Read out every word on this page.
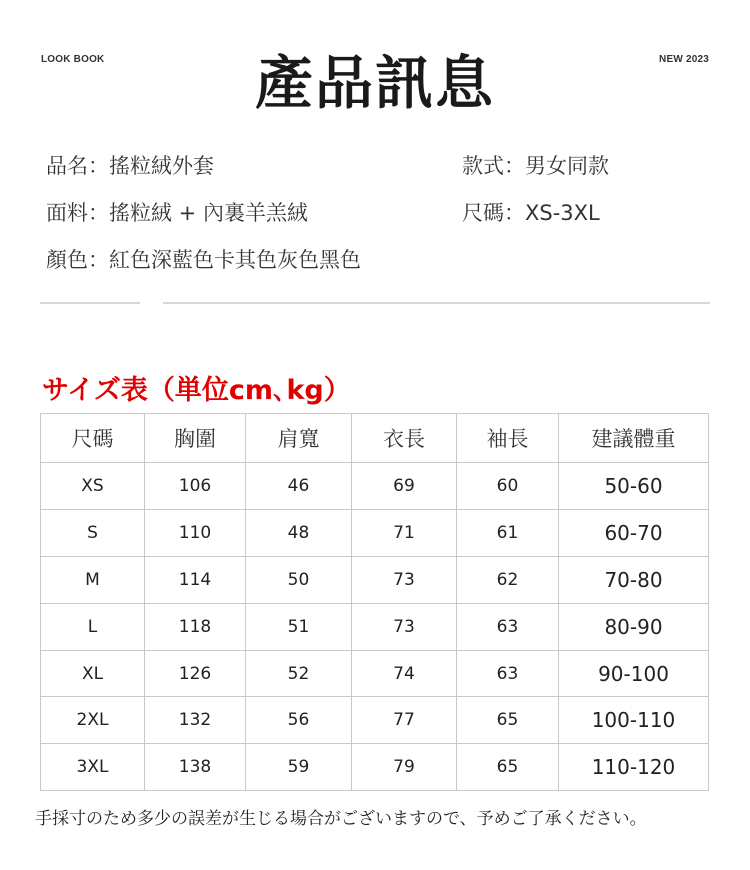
LOOK BOOK	產品訊息	NEW 2023
品名：搖粒絨外套	款式：男女同款
面料：搖粒絨 + 內裏羊羔絨	尺碼：XS-3XL
顏色：紅色深藍色卡其色灰色黑色
サイズ表（単位cm､kg）
尺碼	胸圍	肩寬	衣長	袖長	建議體重
XS	106	46	69	60	50-60
S	110	48	71	61	60-70
M	114	50	73	62	70-80
L	118	51	73	63	80-90
XL	126	52	74	63	90-100
2XL	132	56	77	65	100-110
3XL	138	59	79	65	110-120
手採寸のため多少の誤差が生じる場合がございますので、予めご了承ください。
